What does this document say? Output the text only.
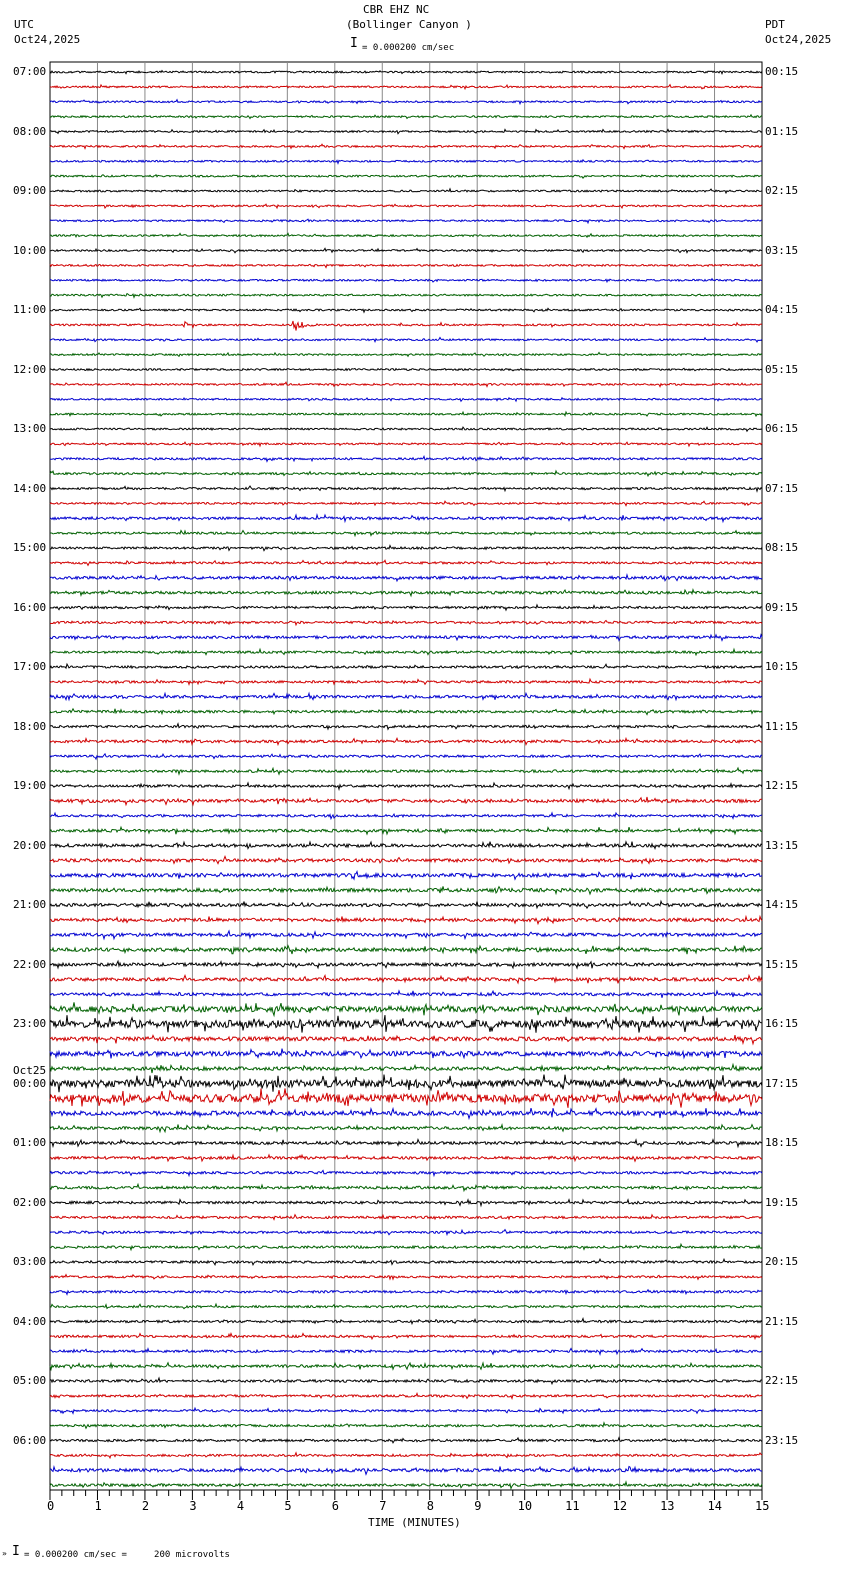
CBR EHZ NC
(Bollinger Canyon )
UTC
Oct24,2025
PDT
Oct24,2025
I = 0.000200 cm/sec
0	1	2	3	4	5	6	7	8	9	10	11	12	13	14	15
07:00
08:00
09:00
10:00
11:00
12:00
13:00
14:00
15:00
16:00
17:00
18:00
19:00
20:00
21:00
22:00
23:00
00:00
Oct25
01:00
02:00
03:00
04:00
05:00
06:00
00:15
01:15
02:15
03:15
04:15
05:15
06:15
07:15
08:15
09:15
10:15
11:15
12:15
13:15
14:15
15:15
16:15
17:15
18:15
19:15
20:15
21:15
22:15
23:15
TIME (MINUTES)
» I = 0.000200 cm/sec =     200 microvolts
